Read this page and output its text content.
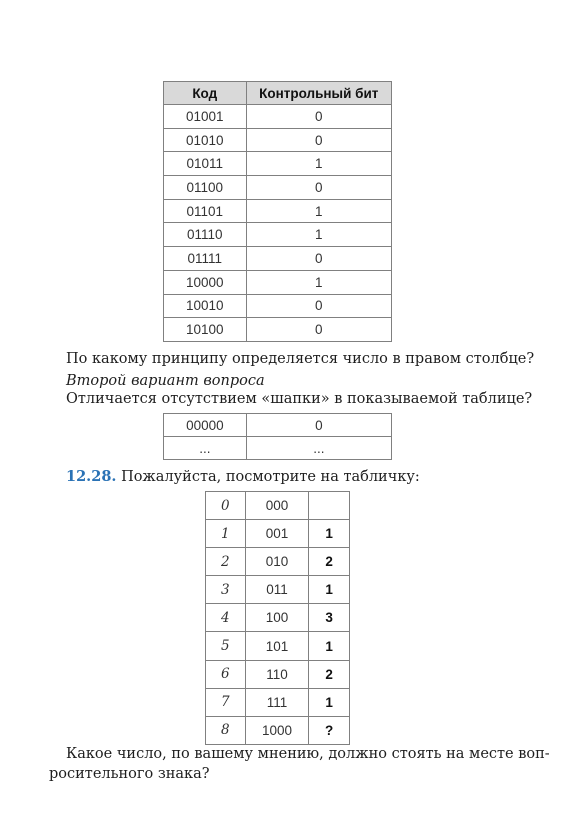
Код	Контрольный бит
01001	0
01010	0
01011	1
01100	0
01101	1
01110	1
01111	0
10000	1
10010	0
10100	0
По какому принципу определяется число в правом столбце?
Второй вариант вопроса
Отличается отсутствием «шапки» в показываемой таблице?
00000	0
...	...
12.28. Пожалуйста, посмотрите на табличку:
0	000	
1	001	1
2	010	2
3	011	1
4	100	3
5	101	1
6	110	2
7	111	1
8	1000	?
Какое число, по вашему мнению, должно стоять на месте воп-
росительного знака?
